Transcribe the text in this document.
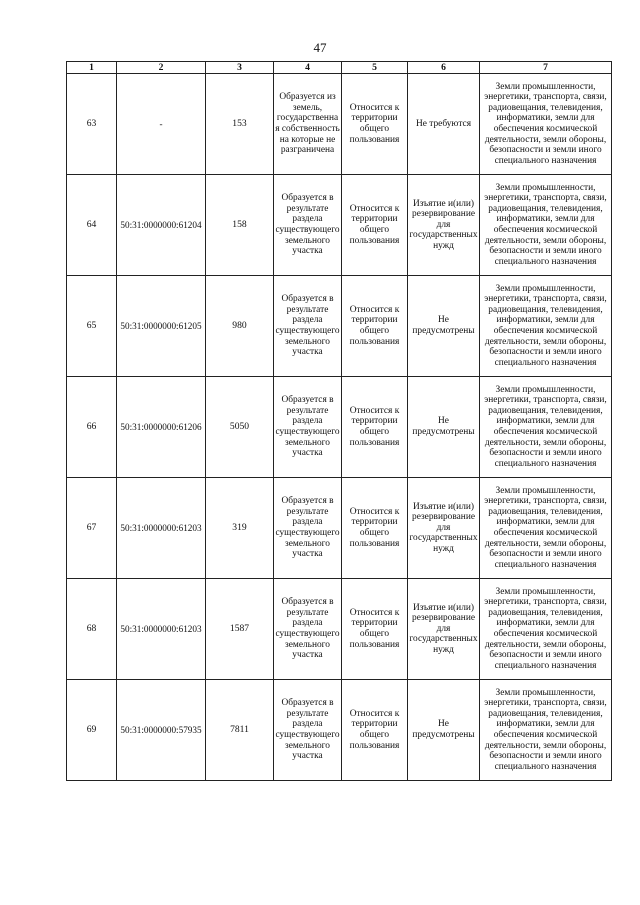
47
1	2	3	4	5	6	7
63	-	153	Образуется из земель, государственная собственность на которые не разграничена	Относится к территории общего пользования	Не требуются	Земли промышленности, энергетики, транспорта, связи, радиовещания, телевидения, информатики, земли для обеспечения космической деятельности, земли обороны, безопасности и земли иного специального назначения
64	50:31:0000000:61204	158	Образуется в результате раздела существующего земельного участка	Относится к территории общего пользования	Изъятие и(или) резервирование для государственных нужд	Земли промышленности, энергетики, транспорта, связи, радиовещания, телевидения, информатики, земли для обеспечения космической деятельности, земли обороны, безопасности и земли иного специального назначения
65	50:31:0000000:61205	980	Образуется в результате раздела существующего земельного участка	Относится к территории общего пользования	Не предусмотрены	Земли промышленности, энергетики, транспорта, связи, радиовещания, телевидения, информатики, земли для обеспечения космической деятельности, земли обороны, безопасности и земли иного специального назначения
66	50:31:0000000:61206	5050	Образуется в результате раздела существующего земельного участка	Относится к территории общего пользования	Не предусмотрены	Земли промышленности, энергетики, транспорта, связи, радиовещания, телевидения, информатики, земли для обеспечения космической деятельности, земли обороны, безопасности и земли иного специального назначения
67	50:31:0000000:61203	319	Образуется в результате раздела существующего земельного участка	Относится к территории общего пользования	Изъятие и(или) резервирование для государственных нужд	Земли промышленности, энергетики, транспорта, связи, радиовещания, телевидения, информатики, земли для обеспечения космической деятельности, земли обороны, безопасности и земли иного специального назначения
68	50:31:0000000:61203	1587	Образуется в результате раздела существующего земельного участка	Относится к территории общего пользования	Изъятие и(или) резервирование для государственных нужд	Земли промышленности, энергетики, транспорта, связи, радиовещания, телевидения, информатики, земли для обеспечения космической деятельности, земли обороны, безопасности и земли иного специального назначения
69	50:31:0000000:57935	7811	Образуется в результате раздела существующего земельного участка	Относится к территории общего пользования	Не предусмотрены	Земли промышленности, энергетики, транспорта, связи, радиовещания, телевидения, информатики, земли для обеспечения космической деятельности, земли обороны, безопасности и земли иного специального назначения
